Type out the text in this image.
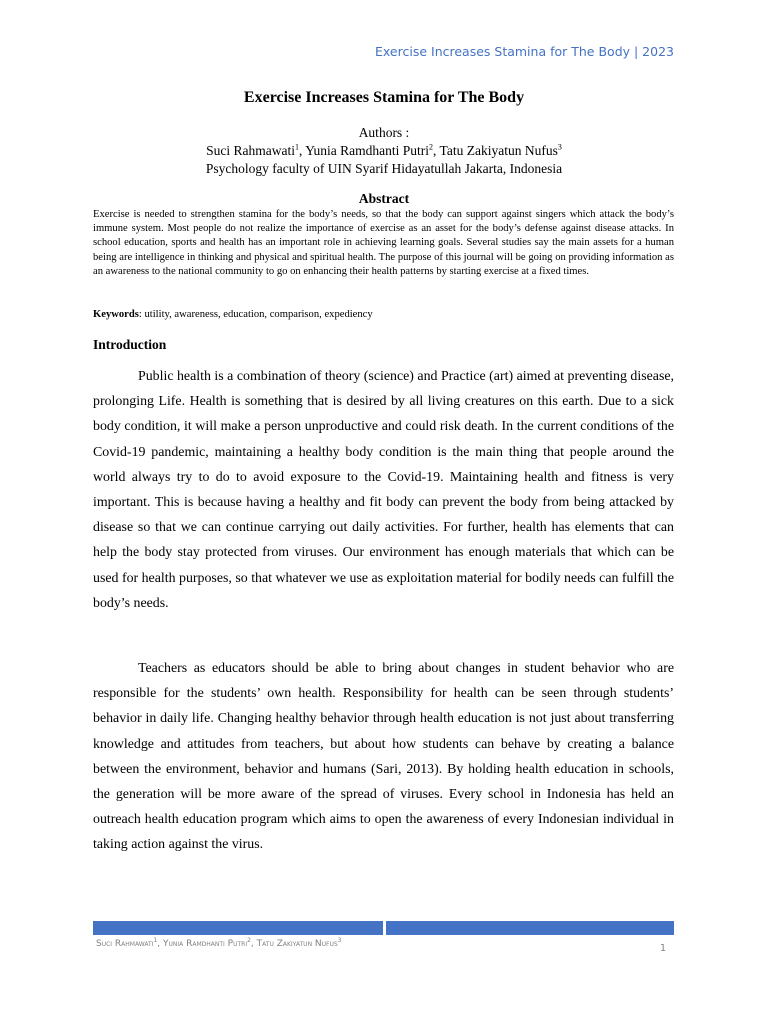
Exercise Increases Stamina for The Body | 2023
Exercise Increases Stamina for The Body
Authors :
Suci Rahmawati$^1$, Yunia Ramdhanti Putri$^2$, Tatu Zakiyatun Nufus$^3$
Psychology faculty of UIN Syarif Hidayatullah Jakarta, Indonesia
Abstract
Exercise is needed to strengthen stamina for the body’s needs, so that the body can support against singers which attack the body’s immune system. Most people do not realize the importance of exercise as an asset for the body’s defense against disease attacks. In school education, sports and health has an important role in achieving learning goals. Several studies say the main assets for a human being are intelligence in thinking and physical and spiritual health. The purpose of this journal will be going on providing information as an awareness to the national community to go on enhancing their health patterns by starting exercise at a fixed times.
Keywords: utility, awareness, education, comparison, expediency
Introduction
Public health is a combination of theory (science) and Practice (art) aimed at preventing disease, prolonging Life. Health is something that is desired by all living creatures on this earth. Due to a sick body condition, it will make a person unproductive and could risk death. In the current conditions of the Covid-19 pandemic, maintaining a healthy body condition is the main thing that people around the world always try to do to avoid exposure to the Covid-19. Maintaining health and fitness is very important. This is because having a healthy and fit body can prevent the body from being attacked by disease so that we can continue carrying out daily activities. For further, health has elements that can help the body stay protected from viruses. Our environment has enough materials that which can be used for health purposes, so that whatever we use as exploitation material for bodily needs can fulfill the body’s needs.
Teachers as educators should be able to bring about changes in student behavior who are responsible for the students’ own health. Responsibility for health can be seen through students’ behavior in daily life. Changing healthy behavior through health education is not just about transferring knowledge and attitudes from teachers, but about how students can behave by creating a balance between the environment, behavior and humans (Sari, 2013). By holding health education in schools, the generation will be more aware of the spread of viruses. Every school in Indonesia has held an outreach health education program which aims to open the awareness of every Indonesian individual in taking action against the virus.
Suci Rahmawati$^1$, Yunia Ramdhanti Putri$^2$, Tatu Zakiyatun Nufus$^3$
1
